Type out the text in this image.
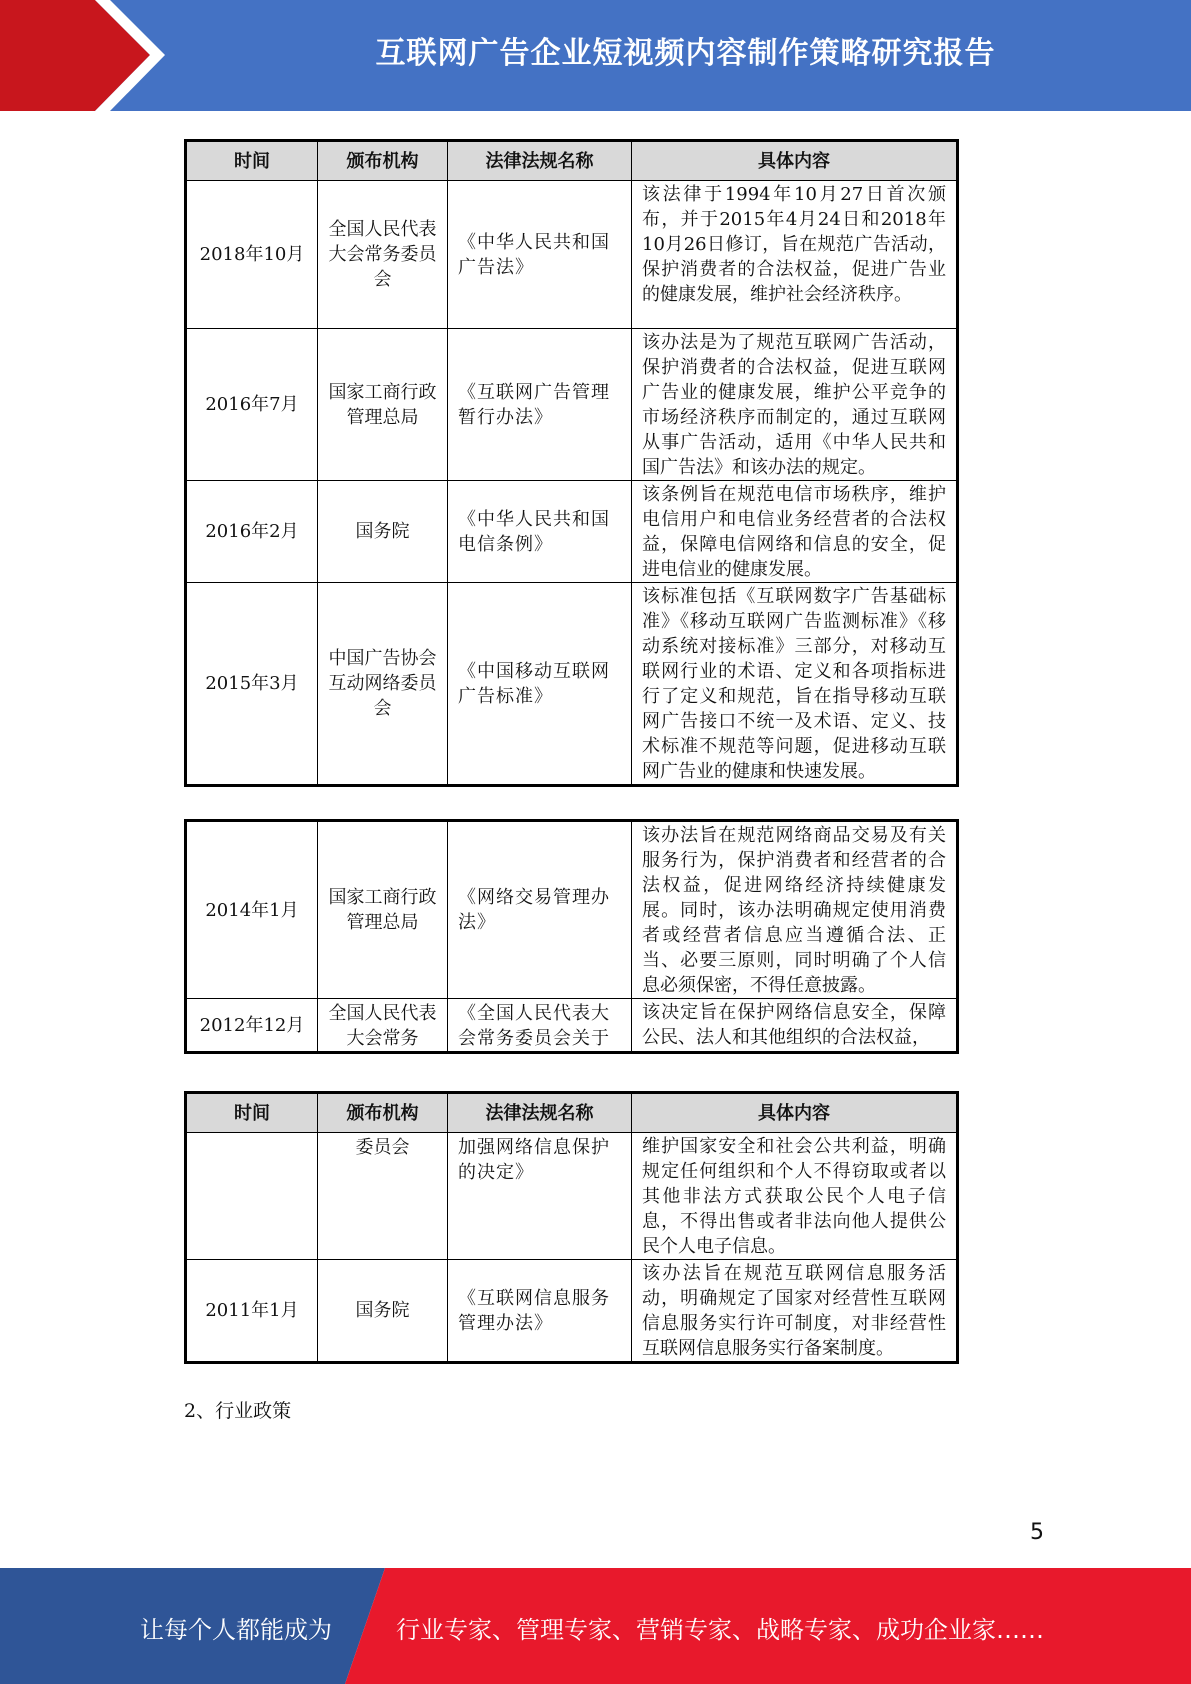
互联网广告企业短视频内容制作策略研究报告
时间	颁布机构	法律法规名称	具体内容
2018年10月	全国人民代表大会常务委员会	《中华人民共和国广告法》	该法律于1994年10月27日首次颁布，并于2015年4月24日和2018年10月26日修订，旨在规范广告活动，保护消费者的合法权益，促进广告业的健康发展，维护社会经济秩序。
2016年7月	国家工商行政管理总局	《互联网广告管理暂行办法》	该办法是为了规范互联网广告活动，保护消费者的合法权益，促进互联网广告业的健康发展，维护公平竞争的市场经济秩序而制定的，通过互联网从事广告活动，适用《中华人民共和国广告法》和该办法的规定。
2016年2月	国务院	《中华人民共和国电信条例》	该条例旨在规范电信市场秩序，维护电信用户和电信业务经营者的合法权益，保障电信网络和信息的安全，促进电信业的健康发展。
2015年3月	中国广告协会互动网络委员会	《中国移动互联网广告标准》	该标准包括《互联网数字广告基础标准》《移动互联网广告监测标准》《移动系统对接标准》三部分，对移动互联网行业的术语、定义和各项指标进行了定义和规范，旨在指导移动互联网广告接口不统一及术语、定义、技术标准不规范等问题，促进移动互联网广告业的健康和快速发展。
2014年1月	国家工商行政管理总局	《网络交易管理办法》	该办法旨在规范网络商品交易及有关服务行为，保护消费者和经营者的合法权益，促进网络经济持续健康发展。同时，该办法明确规定使用消费者或经营者信息应当遵循合法、正当、必要三原则，同时明确了个人信息必须保密，不得任意披露。
2012年12月	全国人民代表大会常务	《全国人民代表大会常务委员会关于	该决定旨在保护网络信息安全，保障公民、法人和其他组织的合法权益，
时间	颁布机构	法律法规名称	具体内容
	委员会	加强网络信息保护的决定》	维护国家安全和社会公共利益，明确规定任何组织和个人不得窃取或者以其他非法方式获取公民个人电子信息，不得出售或者非法向他人提供公民个人电子信息。
2011年1月	国务院	《互联网信息服务管理办法》	该办法旨在规范互联网信息服务活动，明确规定了国家对经营性互联网信息服务实行许可制度，对非经营性互联网信息服务实行备案制度。
2、行业政策
5
让每个人都能成为	行业专家、管理专家、营销专家、战略专家、成功企业家……
